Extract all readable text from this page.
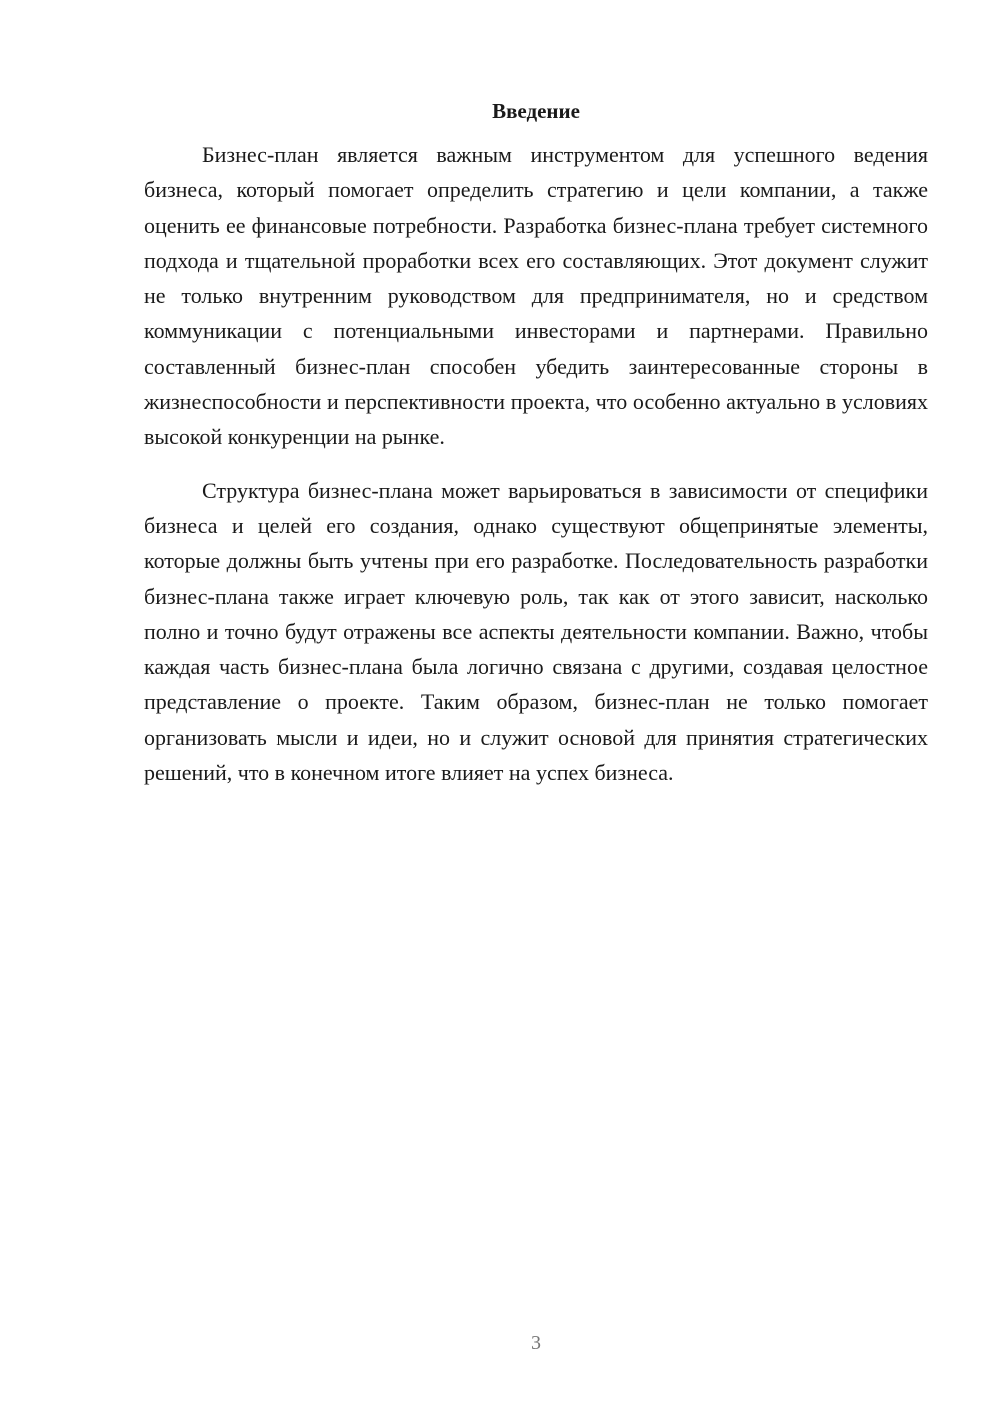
Введение

Бизнес-план является важным инструментом для успешного ведения бизнеса, который помогает определить стратегию и цели компании, а также оценить ее финансовые потребности. Разработка бизнес-плана требует системного подхода и тщательной проработки всех его составляющих. Этот документ служит не только внутренним руководством для предпринимателя, но и средством коммуникации с потенциальными инвесторами и партнерами. Правильно составленный бизнес-план способен убедить заинтересованные стороны в жизнеспособности и перспективности проекта, что особенно актуально в условиях высокой конкуренции на рынке.

Структура бизнес-плана может варьироваться в зависимости от специфики бизнеса и целей его создания, однако существуют общепринятые элементы, которые должны быть учтены при его разработке. Последовательность разработки бизнес-плана также играет ключевую роль, так как от этого зависит, насколько полно и точно будут отражены все аспекты деятельности компании. Важно, чтобы каждая часть бизнес-плана была логично связана с другими, создавая целостное представление о проекте. Таким образом, бизнес-план не только помогает организовать мысли и идеи, но и служит основой для принятия стратегических решений, что в конечном итоге влияет на успех бизнеса.

3
